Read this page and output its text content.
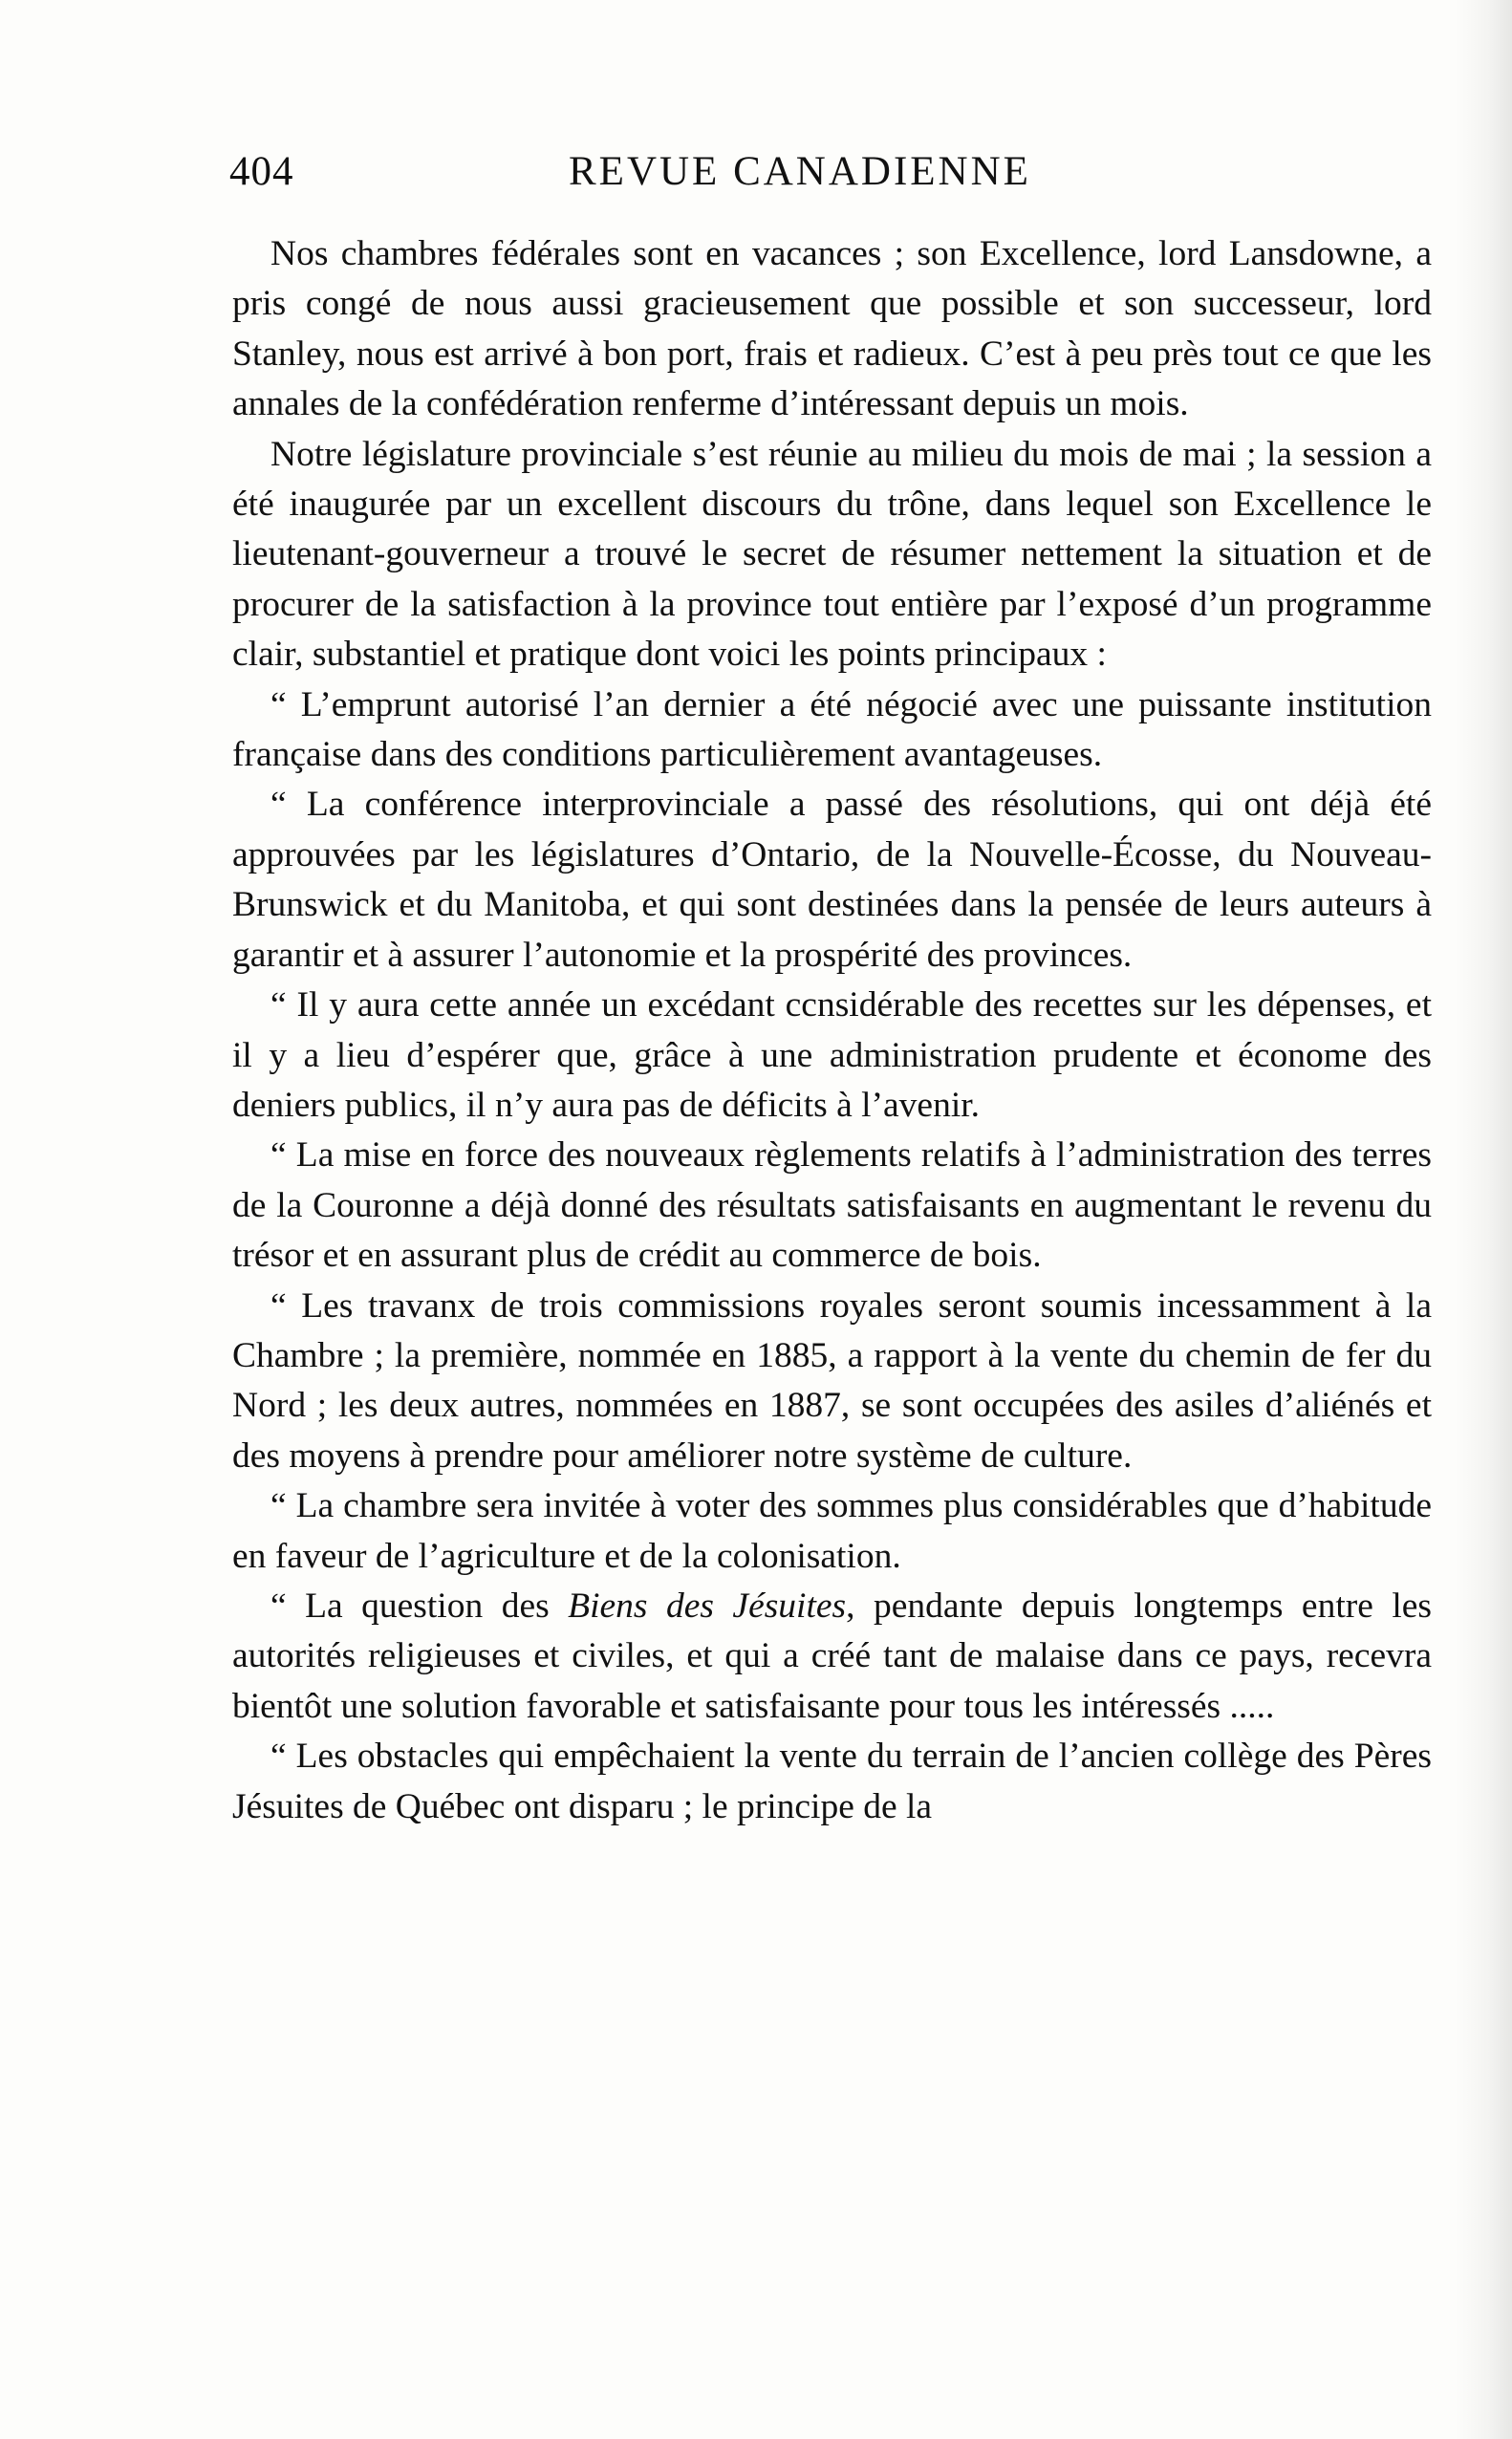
404	REVUE CANADIENNE

Nos chambres fédérales sont en vacances ; son Excellence, lord Lansdowne, a pris congé de nous aussi gracieusement que possible et son successeur, lord Stanley, nous est arrivé à bon port, frais et radieux. C’est à peu près tout ce que les annales de la confédération renferme d’intéressant depuis un mois.

Notre législature provinciale s’est réunie au milieu du mois de mai ; la session a été inaugurée par un excellent discours du trône, dans lequel son Excellence le lieutenant-gouverneur a trouvé le secret de résumer nettement la situation et de procurer de la satisfaction à la province tout entière par l’exposé d’un programme clair, substantiel et pratique dont voici les points principaux :

“ L’emprunt autorisé l’an dernier a été négocié avec une puissante institution française dans des conditions particulièrement avantageuses.

“ La conférence interprovinciale a passé des résolutions, qui ont déjà été approuvées par les législatures d’Ontario, de la Nouvelle-Écosse, du Nouveau-Brunswick et du Manitoba, et qui sont destinées dans la pensée de leurs auteurs à garantir et à assurer l’autonomie et la prospérité des provinces.

“ Il y aura cette année un excédant ccnsidérable des recettes sur les dépenses, et il y a lieu d’espérer que, grâce à une administration prudente et économe des deniers publics, il n’y aura pas de déficits à l’avenir.

“ La mise en force des nouveaux règlements relatifs à l’administration des terres de la Couronne a déjà donné des résultats satisfaisants en augmentant le revenu du trésor et en assurant plus de crédit au commerce de bois.

“ Les travanx de trois commissions royales seront soumis incessamment à la Chambre ; la première, nommée en 1885, a rapport à la vente du chemin de fer du Nord ; les deux autres, nommées en 1887, se sont occupées des asiles d’aliénés et des moyens à prendre pour améliorer notre système de culture.

“ La chambre sera invitée à voter des sommes plus considérables que d’habitude en faveur de l’agriculture et de la colonisation.

“ La question des Biens des Jésuites, pendante depuis longtemps entre les autorités religieuses et civiles, et qui a créé tant de malaise dans ce pays, recevra bientôt une solution favorable et satisfaisante pour tous les intéressés .....

“ Les obstacles qui empêchaient la vente du terrain de l’ancien collège des Pères Jésuites de Québec ont disparu ; le principe de la
